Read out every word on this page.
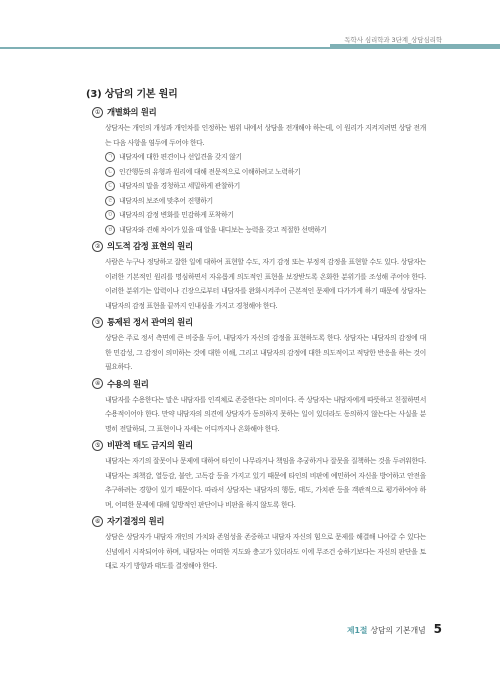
독학사 심리학과 3단계_상담심리학
(3) 상담의 기본 원리
① 개별화의 원리
상담자는 개인의 개성과 개인차를 인정하는 범위 내에서 상담을 전개해야 하는데, 이 원리가 지켜지려면 상담 전개는 다음 사항을 염두에 두어야 한다.
ㄱ 내담자에 대한 편견이나 선입견을 갖지 않기
ㄴ 인간행동의 유형과 원리에 대해 전문적으로 이해하려고 노력하기
ㄷ 내담자의 말을 경청하고 세밀하게 관찰하기
ㄹ 내담자의 보조에 맞추어 진행하기
ㅁ 내담자의 감정 변화를 민감하게 포착하기
ㅂ 내담자와 견해 차이가 있을 때 알을 내디보는 능력을 갖고 적절한 선택하기
② 의도적 감정 표현의 원리
사람은 누구나 정당하고 잘한 일에 대하여 표현할 수도, 자기 감정 또는 부정적 감정을 표현할 수도 있다. 상담자는 이러한 기본적인 원리를 명심하면서 자유롭게 의도적인 표현을 보장받도록 온화한 분위기를 조성해 주어야 한다. 이러한 분위기는 압력이나 긴장으로부터 내담자를 완화시켜주어 근본적인 문제에 다가가게 하기 때문에 상담자는 내담자의 감정 표현을 끝까지 인내심을 가지고 경청해야 한다.
③ 통제된 정서 관여의 원리
상담은 주로 정서 측면에 큰 비중을 두어, 내담자가 자신의 감정을 표현하도록 한다. 상담자는 내담자의 감정에 대한 민감성, 그 감정이 의미하는 것에 대한 이해, 그리고 내담자의 감정에 대한 의도적이고 적당한 반응을 하는 것이 필요하다.
④ 수용의 원리
내담자를 수용한다는 말은 내담자를 인격체로 존중한다는 의미이다. 즉 상담자는 내담자에게 따뜻하고 친절하면서 수용적이어야 한다. 만약 내담자의 의견에 상담자가 동의하지 못하는 일이 있더라도 동의하지 않는다는 사실을 분명히 전달하되, 그 표현이나 자세는 어디까지나 온화해야 한다.
⑤ 비판적 태도 금지의 원리
내담자는 자기의 잘못이나 문제에 대하여 타인이 나무라거나 책임을 추궁하거나 잘못을 질책하는 것을 두려워한다. 내담자는 죄책감, 열등감, 불안, 고독감 등을 가지고 있기 때문에 타인의 비판에 예민하여 자신을 방어하고 안전을 추구하려는 경향이 있기 때문이다. 따라서 상담자는 내담자의 행동, 태도, 가치관 등을 객관적으로 평가하여야 하며, 어떠한 문제에 대해 일방적인 판단이나 비판을 하지 않도록 한다.
⑥ 자기결정의 원리
상담은 상담자가 내담자 개인의 가치와 존엄성을 존중하고 내담자 자신의 힘으로 문제를 해결해 나아갈 수 있다는 신념에서 시작되어야 하며, 내담자는 어떠한 지도와 충고가 있더라도 이에 무조건 승하기보다는 자신의 판단을 토대로 자기 방향과 태도를 결정해야 한다.
제1절 상담의 기본개념 5
